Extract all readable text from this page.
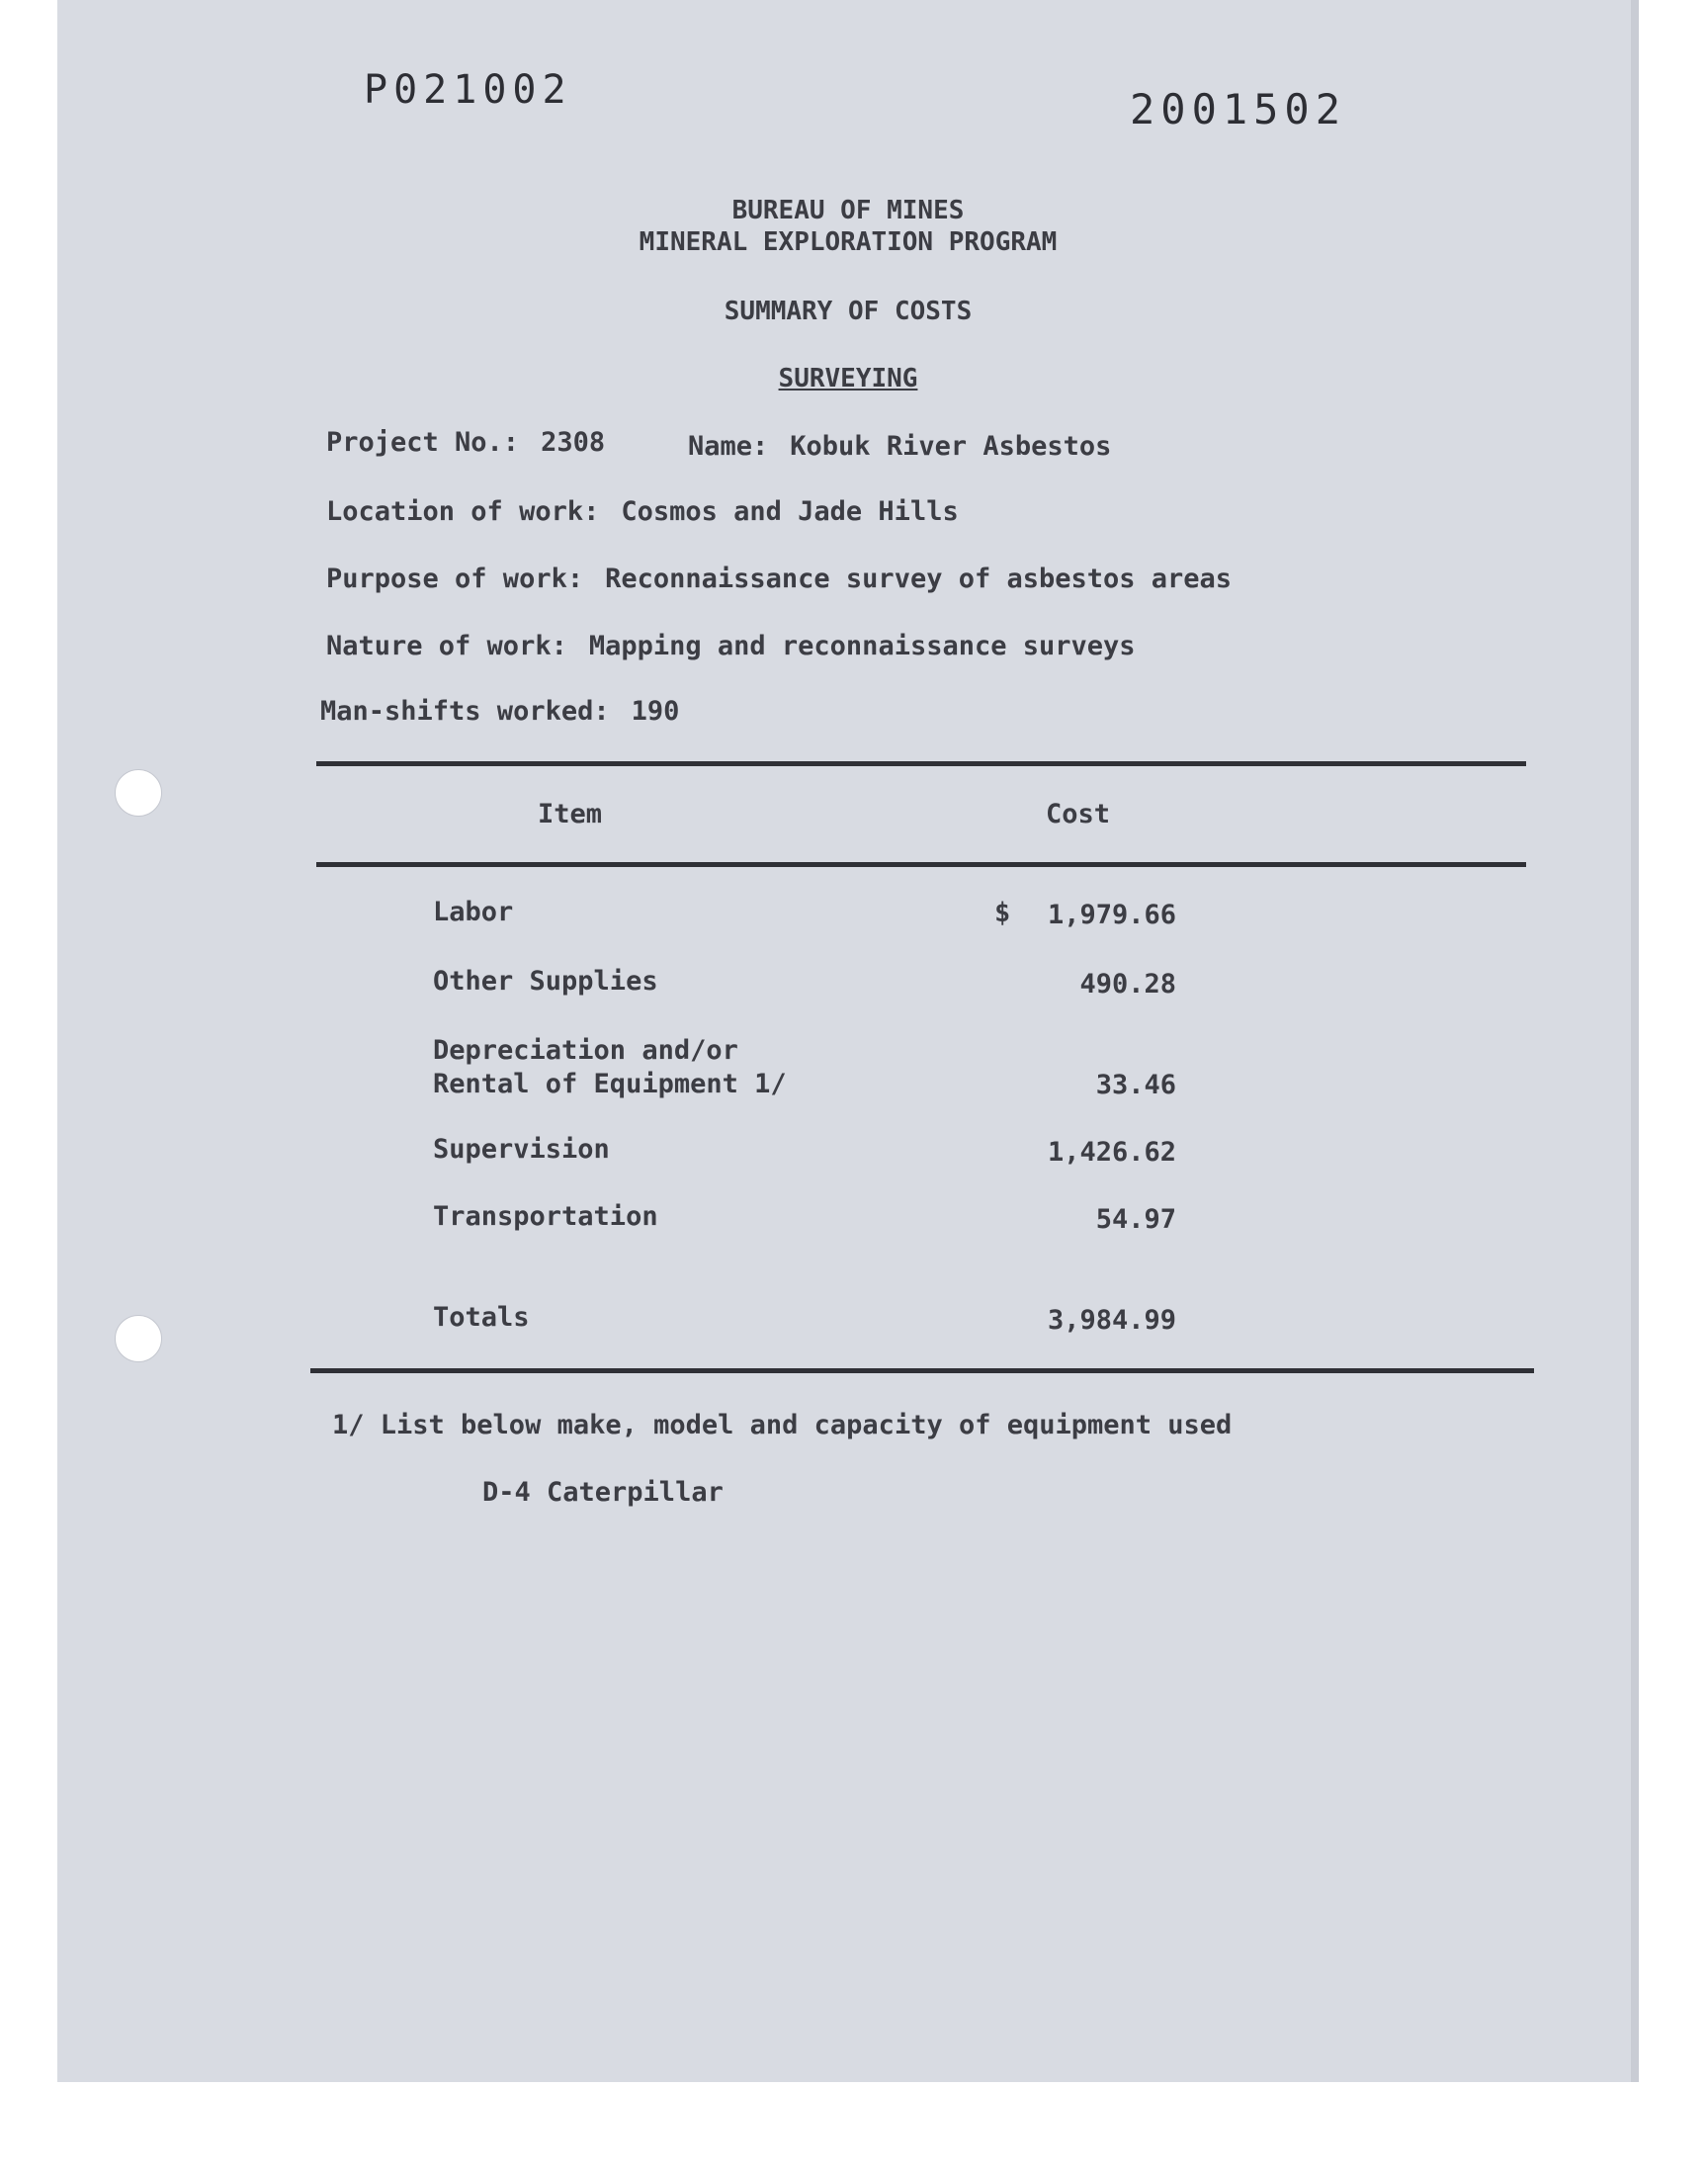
P021002	2001502

BUREAU OF MINES

MINERAL EXPLORATION PROGRAM

SUMMARY OF COSTS

SURVEYING

Project No.: 2308	Name: Kobuk River Asbestos
Location of work: Cosmos and Jade Hills
Purpose of work: Reconnaissance survey of asbestos areas
Nature of work: Mapping and reconnaissance surveys
Man-shifts worked: 190
Item	Cost
$
Labor	1,979.66
Other Supplies	490.28
Depreciation and/or
Rental of Equipment 1/	33.46
Supervision	1,426.62
Transportation	54.97
Totals	3,984.99
1/ List below make, model and capacity of equipment used
D-4 Caterpillar
